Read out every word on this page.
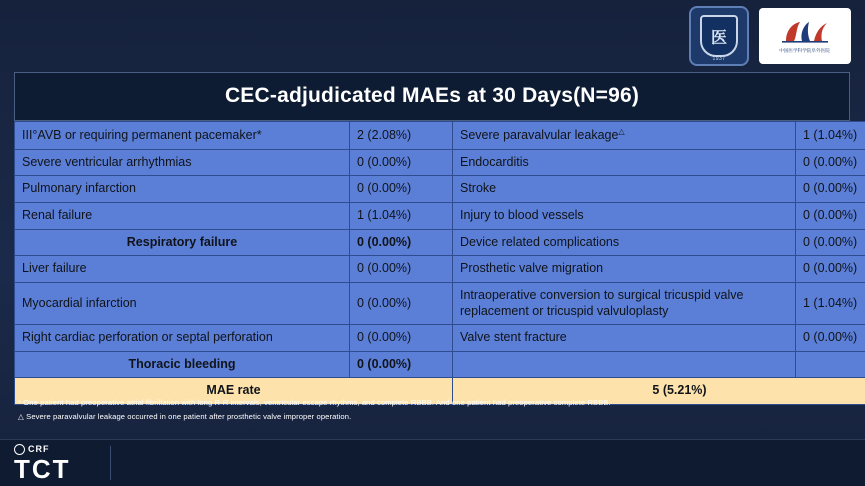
医
1937
中国医学科学院阜外医院
CEC-adjudicated MAEs at 30 Days(N=96)
III°AVB or requiring permanent pacemaker*	2 (2.08%)	Severe paravalvular leakage△	1 (1.04%)
Severe ventricular arrhythmias	0 (0.00%)	Endocarditis	0 (0.00%)
Pulmonary infarction	0 (0.00%)	Stroke	0 (0.00%)
Renal failure	1 (1.04%)	Injury to blood vessels	0 (0.00%)
Respiratory failure	0 (0.00%)	Device related complications	0 (0.00%)
Liver failure	0 (0.00%)	Prosthetic valve migration	0 (0.00%)
Myocardial infarction	0 (0.00%)	Intraoperative conversion to surgical tricuspid valve replacement or tricuspid valvuloplasty	1 (1.04%)
Right cardiac perforation or septal perforation	0 (0.00%)	Valve stent fracture	0 (0.00%)
Thoracic bleeding	0 (0.00%)		
MAE rate		5 (5.21%)	
* One patient had preoperative atrial fibrillation with long R-R intervals, ventricular escape rhythms, and complete RBBB. And one patient had preoperative complete RBBB.
△ Severe paravalvular leakage occurred in one patient after prosthetic valve improper operation.
CRF
TCT
